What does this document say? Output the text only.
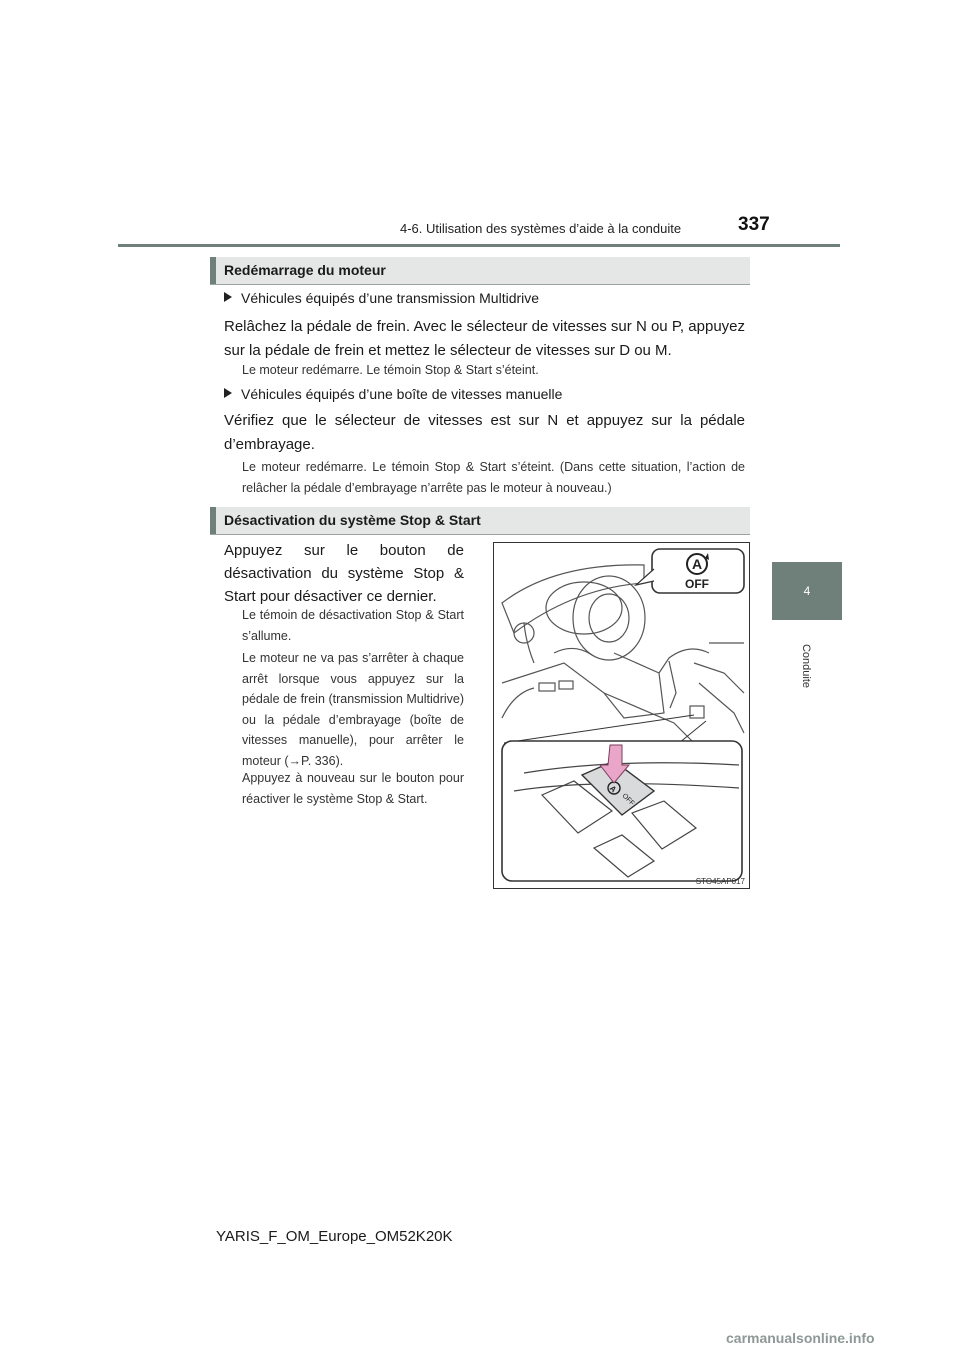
4-6. Utilisation des systèmes d’aide à la conduite	337
4
Conduite
Redémarrage du moteur
Véhicules équipés d’une transmission Multidrive
Relâchez la pédale de frein. Avec le sélecteur de vitesses sur N ou P, appuyez sur la pédale de frein et mettez le sélecteur de vitesses sur D ou M.
Le moteur redémarre. Le témoin Stop & Start s’éteint.
Véhicules équipés d’une boîte de vitesses manuelle
Vérifiez que le sélecteur de vitesses est sur N et appuyez sur la pédale d’embrayage.
Le moteur redémarre. Le témoin Stop & Start s’éteint. (Dans cette situation, l’action de relâcher la pédale d’embrayage n’arrête pas le moteur à nouveau.)
Désactivation du système Stop & Start
Appuyez sur le bouton de désactivation du système Stop & Start pour désactiver ce dernier.
Le témoin de désactivation Stop & Start s’allume.
Le moteur ne va pas s’arrêter à chaque arrêt lorsque vous appuyez sur la pédale de frein (transmission Multidrive) ou la pédale d’embrayage (boîte de vitesses manuelle), pour arrêter le moteur (→P. 336).
Appuyez à nouveau sur le bouton pour réactiver le système Stop & Start.
A
OFF
A
OFF
STO45AP017
YARIS_F_OM_Europe_OM52K20K
carmanualsonline.info
